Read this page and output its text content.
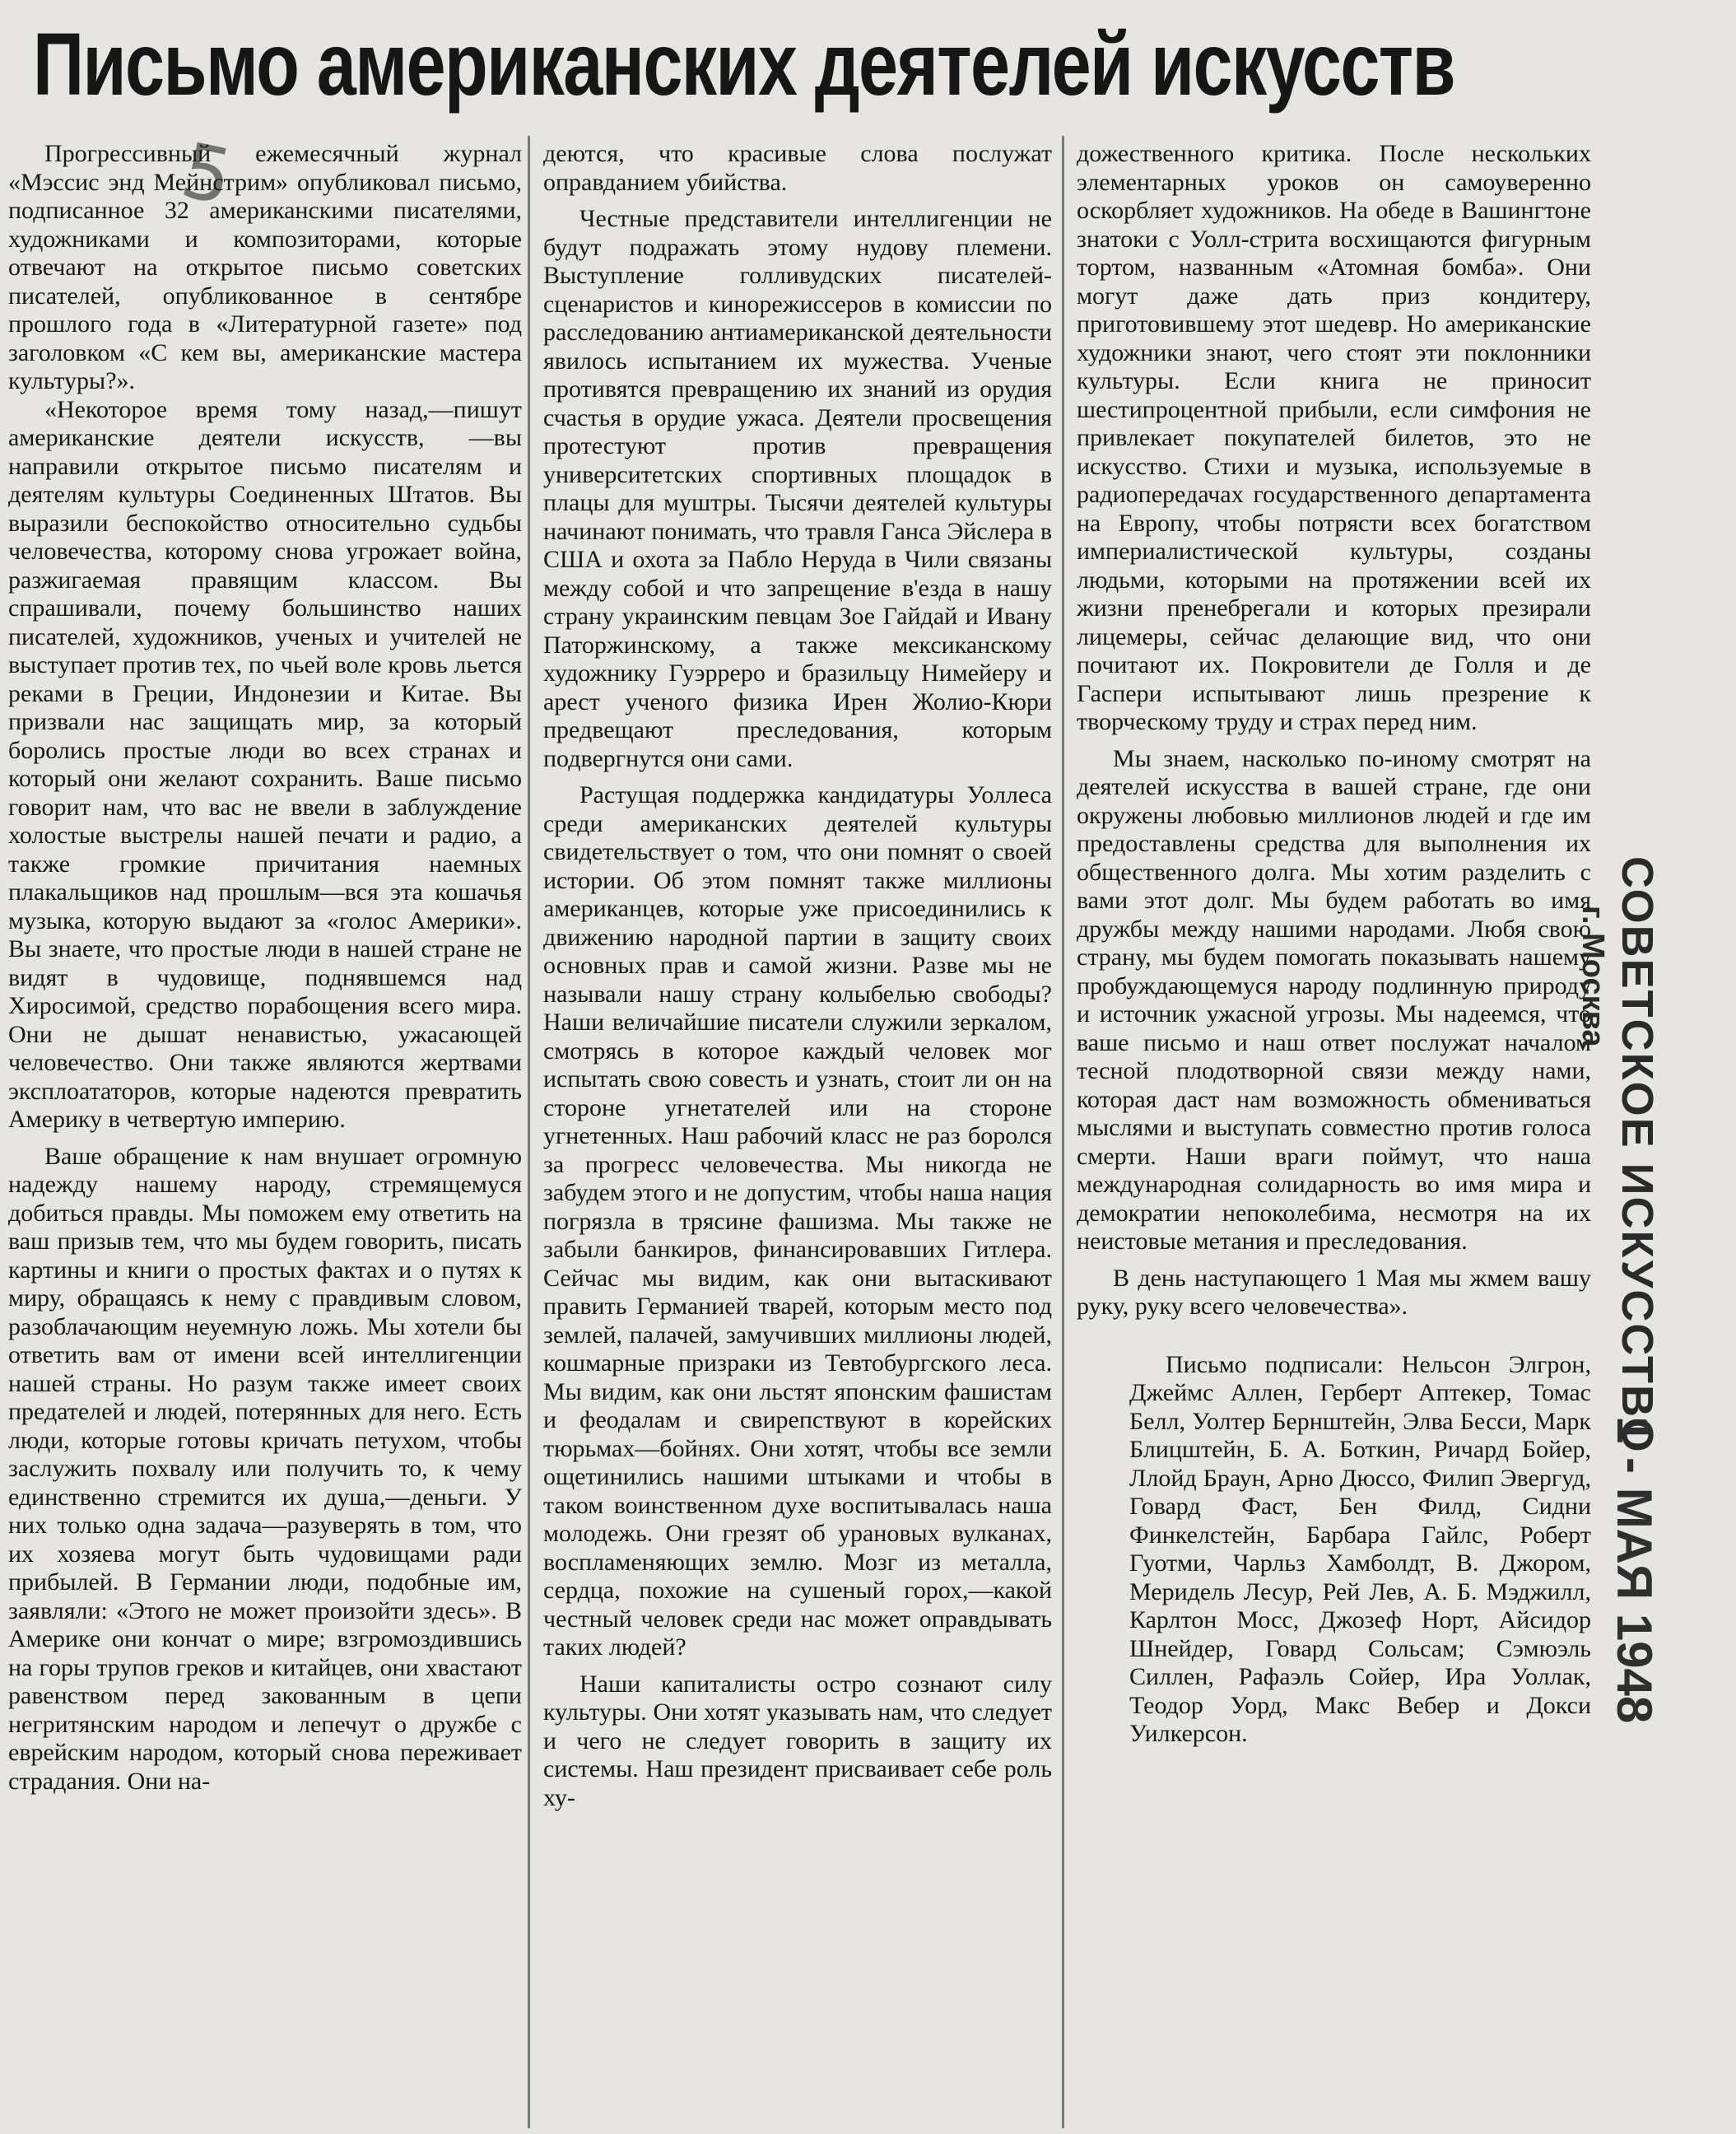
Письмо американских деятелей искусств
5

Прогрессивный ежемесячный журнал «Мэссис энд Мейнстрим» опубликовал письмо, подписанное 32 американскими писателями, художниками и композиторами, которые отвечают на открытое письмо советских писателей, опубликованное в сентябре прошлого года в «Литературной газете» под заголовком «С кем вы, американские мастера культуры?».

«Некоторое время тому назад,—пишут американские деятели искусств, —вы направили открытое письмо писателям и деятелям культуры Соединенных Штатов. Вы выразили беспокойство относительно судьбы человечества, которому снова угрожает война, разжигаемая правящим классом. Вы спрашивали, почему большинство наших писателей, художников, ученых и учителей не выступает против тех, по чьей воле кровь льется реками в Греции, Индонезии и Китае. Вы призвали нас защищать мир, за который боролись простые люди во всех странах и который они желают сохранить. Ваше письмо говорит нам, что вас не ввели в заблуждение холостые выстрелы нашей печати и радио, а также громкие причитания наемных плакальщиков над прошлым—вся эта кошачья музыка, которую выдают за «голос Америки». Вы знаете, что простые люди в нашей стране не видят в чудовище, поднявшемся над Хиросимой, средство порабощения всего мира. Они не дышат ненавистью, ужасающей человечество. Они также являются жертвами эксплоататоров, которые надеются превратить Америку в четвертую империю.

Ваше обращение к нам внушает огромную надежду нашему народу, стремящемуся добиться правды. Мы поможем ему ответить на ваш призыв тем, что мы будем говорить, писать картины и книги о простых фактах и о путях к миру, обращаясь к нему с правдивым словом, разоблачающим неуемную ложь. Мы хотели бы ответить вам от имени всей интеллигенции нашей страны. Но разум также имеет своих предателей и людей, потерянных для него. Есть люди, которые готовы кричать петухом, чтобы заслужить похвалу или получить то, к чему единственно стремится их душа,—деньги. У них только одна задача—разуверять в том, что их хозяева могут быть чудовищами ради прибылей. В Германии люди, подобные им, заявляли: «Этого не может произойти здесь». В Америке они кончат о мире; взгромоздившись на горы трупов греков и китайцев, они хвастают равенством перед закованным в цепи негритянским народом и лепечут о дружбе с еврейским народом, который снова переживает страдания. Они на-

деются, что красивые слова послужат оправданием убийства.

Честные представители интеллигенции не будут подражать этому нудову племени. Выступление голливудских писателей-сценаристов и кинорежиссеров в комиссии по расследованию антиамериканской деятельности явилось испытанием их мужества. Ученые противятся превращению их знаний из орудия счастья в орудие ужаса. Деятели просвещения протестуют против превращения университетских спортивных площадок в плацы для муштры. Тысячи деятелей культуры начинают понимать, что травля Ганса Эйслера в США и охота за Пабло Неруда в Чили связаны между собой и что запрещение в'езда в нашу страну украинским певцам Зое Гайдай и Ивану Паторжинскому, а также мексиканскому художнику Гуэрреро и бразильцу Нимейеру и арест ученого физика Ирен Жолио-Кюри предвещают преследования, которым подвергнутся они сами.

Растущая поддержка кандидатуры Уоллеса среди американских деятелей культуры свидетельствует о том, что они помнят о своей истории. Об этом помнят также миллионы американцев, которые уже присоединились к движению народной партии в защиту своих основных прав и самой жизни. Разве мы не называли нашу страну колыбелью свободы? Наши величайшие писатели служили зеркалом, смотрясь в которое каждый человек мог испытать свою совесть и узнать, стоит ли он на стороне угнетателей или на стороне угнетенных. Наш рабочий класс не раз боролся за прогресс человечества. Мы никогда не забудем этого и не допустим, чтобы наша нация погрязла в трясине фашизма. Мы также не забыли банкиров, финансировавших Гитлера. Сейчас мы видим, как они вытаскивают править Германией тварей, которым место под землей, палачей, замучивших миллионы людей, кошмарные призраки из Тевтобургского леса. Мы видим, как они льстят японским фашистам и феодалам и свирепствуют в корейских тюрьмах—бойнях. Они хотят, чтобы все земли ощетинились нашими штыками и чтобы в таком воинственном духе воспитывалась наша молодежь. Они грезят об урановых вулканах, воспламеняющих землю. Мозг из металла, сердца, похожие на сушеный горох,—какой честный человек среди нас может оправдывать таких людей?

Наши капиталисты остро сознают силу культуры. Они хотят указывать нам, что следует и чего не следует говорить в защиту их системы. Наш президент присваивает себе роль ху-

дожественного критика. После нескольких элементарных уроков он самоуверенно оскорбляет художников. На обеде в Вашингтоне знатоки с Уолл-стрита восхищаются фигурным тортом, названным «Атомная бомба». Они могут даже дать приз кондитеру, приготовившему этот шедевр. Но американские художники знают, чего стоят эти поклонники культуры. Если книга не приносит шестипроцентной прибыли, если симфония не привлекает покупателей билетов, это не искусство. Стихи и музыка, используемые в радиопередачах государственного департамента на Европу, чтобы потрясти всех богатством империалистической культуры, созданы людьми, которыми на протяжении всей их жизни пренебрегали и которых презирали лицемеры, сейчас делающие вид, что они почитают их. Покровители де Голля и де Гаспери испытывают лишь презрение к творческому труду и страх перед ним.

Мы знаем, насколько по-иному смотрят на деятелей искусства в вашей стране, где они окружены любовью миллионов людей и где им предоставлены средства для выполнения их общественного долга. Мы хотим разделить с вами этот долг. Мы будем работать во имя дружбы между нашими народами. Любя свою страну, мы будем помогать показывать нашему пробуждающемуся народу подлинную природу и источник ужасной угрозы. Мы надеемся, что ваше письмо и наш ответ послужат началом тесной плодотворной связи между нами, которая даст нам возможность обмениваться мыслями и выступать совместно против голоса смерти. Наши враги поймут, что наша международная солидарность во имя мира и демократии непоколебима, несмотря на их неистовые метания и преследования.

В день наступающего 1 Мая мы жмем вашу руку, руку всего человечества».

Письмо подписали: Нельсон Элгрон, Джеймс Аллен, Герберт Аптекер, Томас Белл, Уолтер Бернштейн, Элва Бесси, Марк Блицштейн, Б. А. Боткин, Ричард Бойер, Ллойд Браун, Арно Дюссо, Филип Эвергуд, Говард Фаст, Бен Филд, Сидни Финкелстейн, Барбара Гайлс, Роберт Гуотми, Чарльз Хамболдт, В. Джором, Меридель Лесур, Рей Лев, А. Б. Мэджилл, Карлтон Мосс, Джозеф Норт, Айсидор Шнейдер, Говард Сольсам; Сэмюэль Силлен, Рафаэль Сойер, Ира Уоллак, Теодор Уорд, Макс Вебер и Докси Уилкерсон.

СОВЕТСКОЕ ИСКУССТВО
г. Москва
1 - МАЯ 1948
